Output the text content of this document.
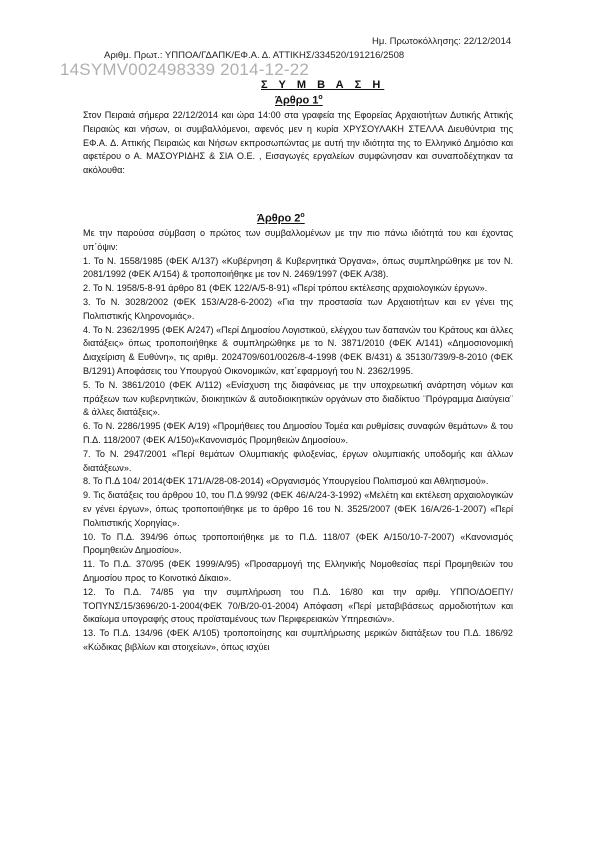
Ημ. Πρωτοκόλλησης: 22/12/2014
Αριθμ. Πρωτ.: ΥΠΠΟΑ/ΓΔΑΠΚ/ΕΦ.Α. Δ. ΑΤΤΙΚΗΣ/334520/191216/2508
14SYMV002498339 2014-12-22
Σ Υ Μ Β Α Σ Η
Άρθρο $1^o$
Στον Πειραιά σήμερα 22/12/2014 και ώρα 14:00 στα γραφεία της Εφορείας Αρχαιοτήτων Δυτικής Αττικής Πειραιώς και νήσων, οι συμβαλλόμενοι, αφενός μεν η κυρία ΧΡΥΣΟΥΛΑΚΗ ΣΤΕΛΛΑ Διευθύντρια της ΕΦ.Α. Δ. Αττικής Πειραιώς και Νήσων εκπροσωπώντας με αυτή την ιδιότητα της το Ελληνικό Δημόσιο και αφετέρου ο Α. ΜΑΣΟΥΡΙΔΗΣ & ΣΙΑ Ο.Ε. , Εισαγωγές εργαλείων συμφώνησαν και συναποδέχτηκαν τα ακόλουθα:
Άρθρο $2^o$

Με την παρούσα σύμβαση ο πρώτος των συμβαλλομένων με την πιο πάνω ιδιότητά του και έχοντας υπ΄όψιν:

1. Το Ν. 1558/1985 (ΦΕΚ Α/137) «Κυβέρνηση & Κυβερνητικά Όργανα», όπως συμπληρώθηκε με τον Ν. 2081/1992 (ΦΕΚ Α/154) & τροποποιήθηκε με τον Ν. 2469/1997 (ΦΕΚ Α/38).

2. Το Ν. 1958/5-8-91 άρθρο 81 (ΦΕΚ 122/Α/5-8-91) «Περί τρόπου εκτέλεσης αρχαιολογικών έργων».

3. Το Ν. 3028/2002 (ΦΕΚ 153/Α/28-6-2002) «Για την προστασία των Αρχαιοτήτων και εν γένει της Πολιτιστικής Κληρονομιάς».

4. Το Ν. 2362/1995 (ΦΕΚ Α/247) «Περί Δημοσίου Λογιστικού, ελέγχου των δαπανών του Κράτους και άλλες διατάξεις» όπως τροποποιήθηκε & συμπληρώθηκε με το Ν. 3871/2010 (ΦΕΚ Α/141) «Δημοσιονομική Διαχείριση & Ευθύνη», τις αριθμ. 2024709/601/0026/8-4-1998 (ΦΕΚ Β/431) & 35130/739/9-8-2010 (ΦΕΚ Β/1291) Αποφάσεις του Υπουργού Οικονομικών, κατ΄εφαρμογή του Ν. 2362/1995.

5. Το Ν. 3861/2010 (ΦΕΚ Α/112) «Ενίσχυση της διαφάνειας με την υποχρεωτική ανάρτηση νόμων και πράξεων των κυβερνητικών, διοικητικών & αυτοδιοικητικών οργάνων στο διαδίκτυο ¨Πρόγραμμα Διαύγεια¨ & άλλες διατάξεις».

6. Το Ν. 2286/1995 (ΦΕΚ Α/19) «Προμήθειες του Δημοσίου Τομέα και ρυθμίσεις συναφών θεμάτων» & του Π.Δ. 118/2007 (ΦΕΚ Α/150)«Κανονισμός Προμηθειών Δημοσίου».

7. Το Ν. 2947/2001 «Περί θεμάτων Ολυμπιακής φιλοξενίας, έργων ολυμπιακής υποδομής και άλλων διατάξεων».

8. Το Π.Δ 104/ 2014(ΦΕΚ 171/Α/28-08-2014) «Οργανισμός Υπουργείου Πολιτισμού και Αθλητισμού».

9. Τις διατάξεις του άρθρου 10, του Π.Δ 99/92 (ΦΕΚ 46/Α/24-3-1992) «Μελέτη και εκτέλεση αρχαιολογικών εν γένει έργων», όπως τροποποιήθηκε με το άρθρο 16 του Ν. 3525/2007 (ΦΕΚ 16/Α/26-1-2007) «Περί Πολιτιστικής Χορηγίας».

10. Το Π.Δ. 394/96 όπως τροποποιήθηκε με το Π.Δ. 118/07 (ΦΕΚ Α/150/10-7-2007) «Κανονισμός Προμηθειών Δημοσίου».

11. Το Π.Δ. 370/95 (ΦΕΚ 1999/Α/95) «Προσαρμογή της Ελληνικής Νομοθεσίας περί Προμηθειών του Δημοσίου προς το Κοινοτικό Δίκαιο».

12. Το Π.Δ. 74/85 για την συμπλήρωση του Π.Δ. 16/80 και την αριθμ. ΥΠΠΟ/ΔΟΕΠΥ/ΤΟΠΥΝΣ/15/3696/20-1-2004(ΦΕΚ 70/Β/20-01-2004) Απόφαση «Περί μεταβιβάσεως αρμοδιοτήτων και δικαίωμα υπογραφής στους προϊσταμένους των Περιφερειακών Υπηρεσιών».

13. Το Π.Δ. 134/96 (ΦΕΚ Α/105) τροποποίησης και συμπλήρωσης μερικών διατάξεων του Π.Δ. 186/92 «Κώδικας βιβλίων και στοιχείων», όπως ισχύει
